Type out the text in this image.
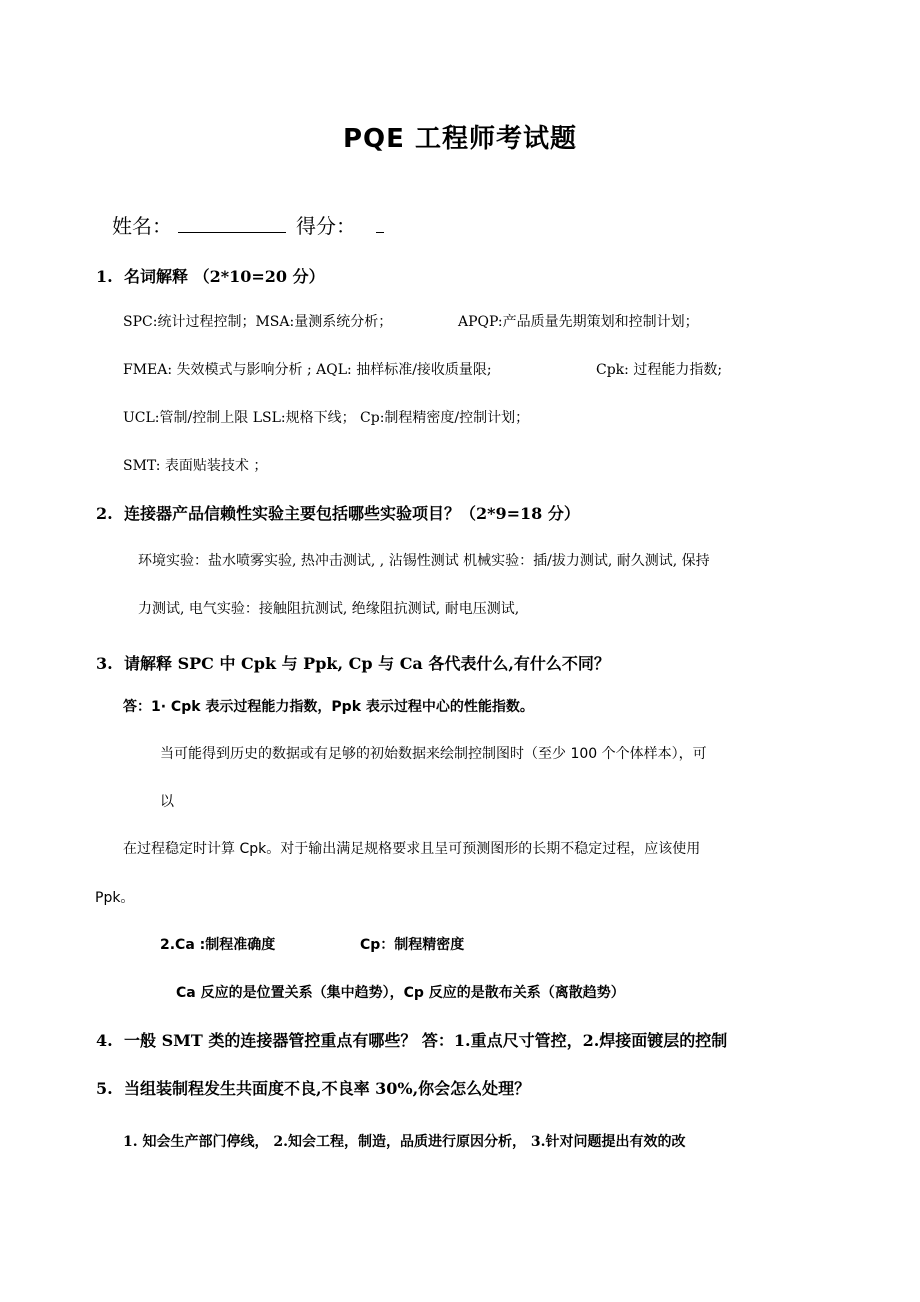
PQE 工程师考试题
姓名：	得分：
1. 名词解释 （2*10=20 分）
SPC:统计过程控制；MSA:量测系统分析；	APQP:产品质量先期策划和控制计划；
FMEA: 失效模式与影响分析 ; AQL: 抽样标准/接收质量限;	Cpk: 过程能力指数;
UCL:管制/控制上限 LSL:规格下线； Cp:制程精密度/控制计划；
SMT: 表面贴装技术 ；
2. 连接器产品信赖性实验主要包括哪些实验项目？（2*9=18 分）
环境实验：盐水喷雾实验, 热冲击测试, , 沾锡性测试 机械实验：插/拔力测试, 耐久测试, 保持
力测试, 电气实验：接触阻抗测试, 绝缘阻抗测试, 耐电压测试,
3. 请解释 SPC 中 Cpk 与 Ppk, Cp 与 Ca 各代表什么,有什么不同？
答：1· Cpk 表示过程能力指数，Ppk 表示过程中心的性能指数。
当可能得到历史的数据或有足够的初始数据来绘制控制图时（至少 100 个个体样本），可
以
在过程稳定时计算 Cpk。对于输出满足规格要求且呈可预测图形的长期不稳定过程，应该使用
Ppk。
2.Ca :制程准确度	Cp：制程精密度
Ca 反应的是位置关系（集中趋势），Cp 反应的是散布关系（离散趋势）
4. 一般 SMT 类的连接器管控重点有哪些？ 答：1.重点尺寸管控，2.焊接面镀层的控制
5. 当组装制程发生共面度不良,不良率 30%,你会怎么处理？
1. 知会生产部门停线， 2.知会工程，制造，品质进行原因分析， 3.针对问题提出有效的改
